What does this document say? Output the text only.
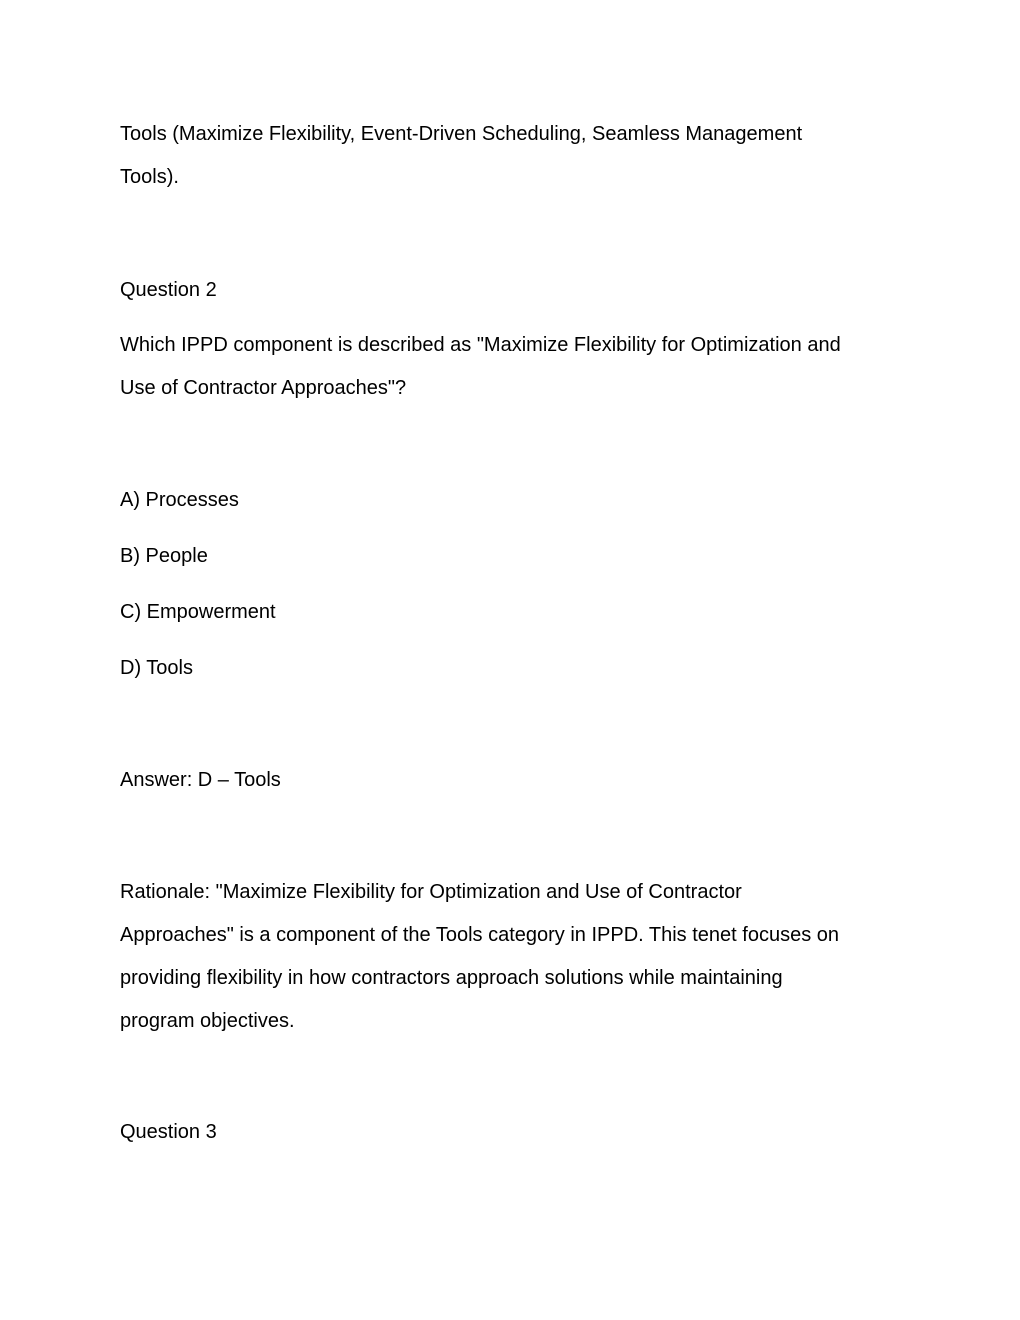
Tools (Maximize Flexibility, Event-Driven Scheduling, Seamless Management
Tools).
Question 2
Which IPPD component is described as "Maximize Flexibility for Optimization and
Use of Contractor Approaches"?
A) Processes
B) People
C) Empowerment
D) Tools
Answer: D – Tools
Rationale: "Maximize Flexibility for Optimization and Use of Contractor
Approaches" is a component of the Tools category in IPPD. This tenet focuses on
providing flexibility in how contractors approach solutions while maintaining
program objectives.
Question 3
